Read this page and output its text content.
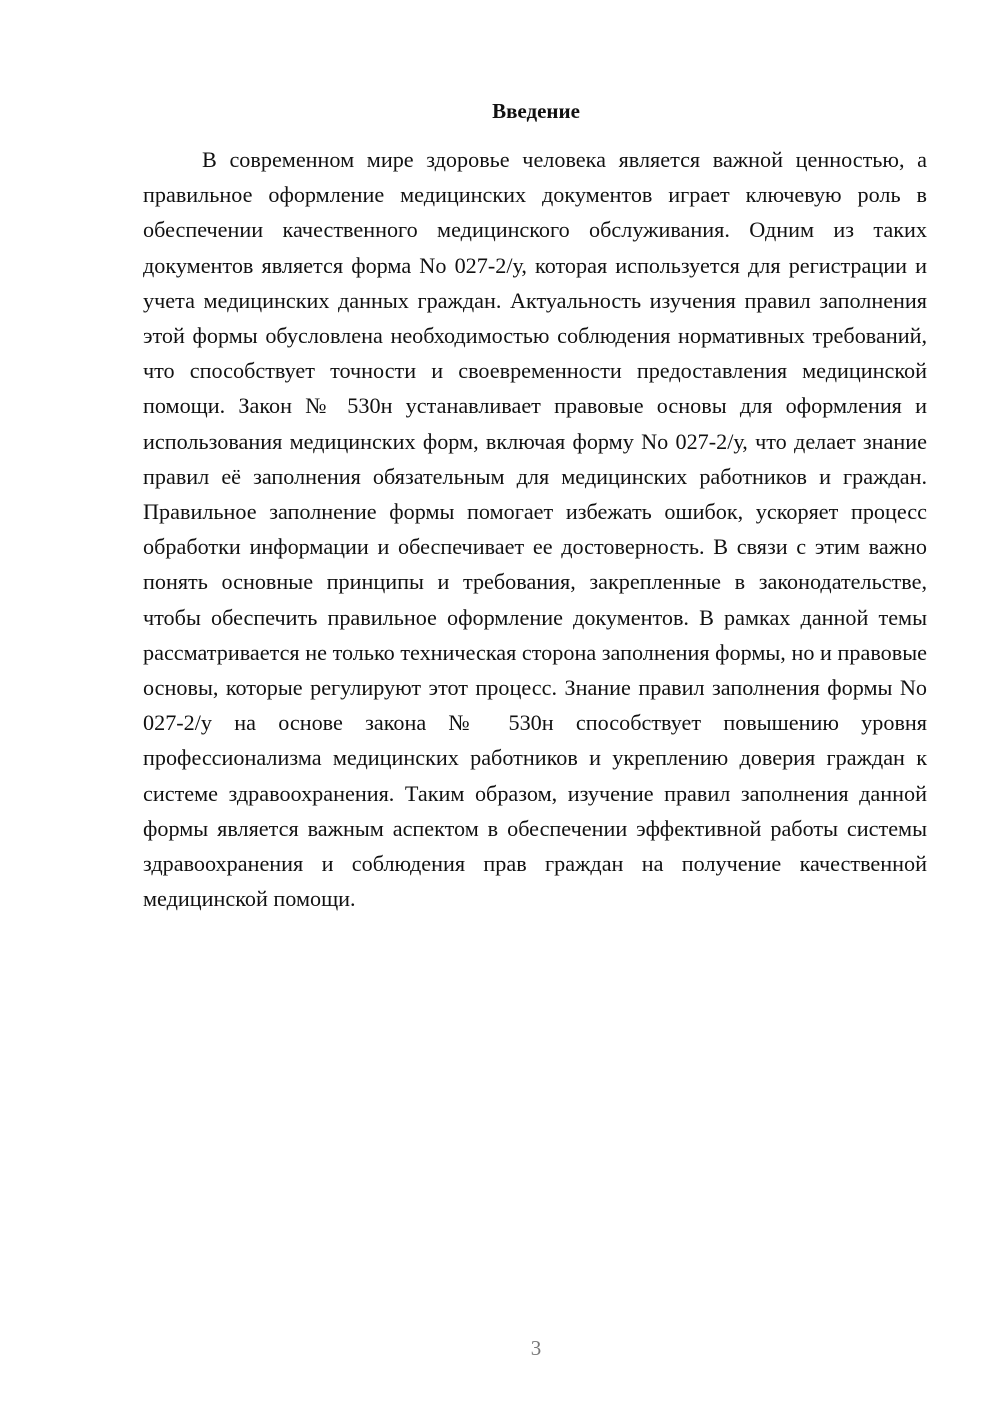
Введение

В современном мире здоровье человека является важной ценностью, а правильное оформление медицинских документов играет ключевую роль в обеспечении качественного медицинского обслуживания. Одним из таких документов является форма No 027-2/у, которая используется для регистрации и учета медицинских данных граждан. Актуальность изучения правил заполнения этой формы обусловлена необходимостью соблюдения нормативных требований, что способствует точности и своевременности предоставления медицинской помощи. Закон № 530н устанавливает правовые основы для оформления и использования медицинских форм, включая форму No 027-2/у, что делает знание правил её заполнения обязательным для медицинских работников и граждан. Правильное заполнение формы помогает избежать ошибок, ускоряет процесс обработки информации и обеспечивает ее достоверность. В связи с этим важно понять основные принципы и требования, закрепленные в законодательстве, чтобы обеспечить правильное оформление документов. В рамках данной темы рассматривается не только техническая сторона заполнения формы, но и правовые основы, которые регулируют этот процесс. Знание правил заполнения формы No 027-2/у на основе закона № 530н способствует повышению уровня профессионализма медицинских работников и укреплению доверия граждан к системе здравоохранения. Таким образом, изучение правил заполнения данной формы является важным аспектом в обеспечении эффективной работы системы здравоохранения и соблюдения прав граждан на получение качественной медицинской помощи.

3
